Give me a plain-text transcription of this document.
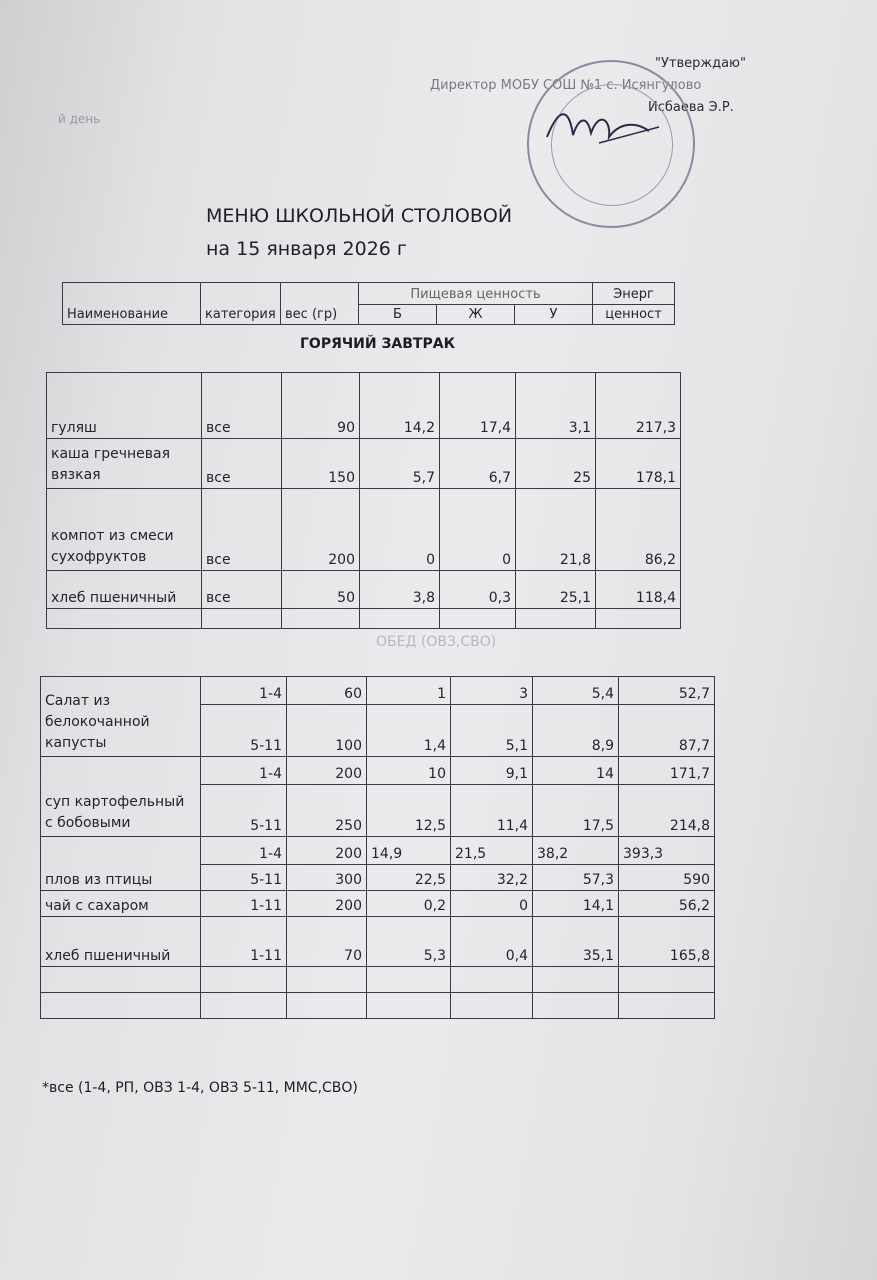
"Утверждаю"
Директор МОБУ СОШ №1 с. Исянгулово
Исбаева Э.Р.
й день
МЕНЮ ШКОЛЬНОЙ СТОЛОВОЙ
на 15 января 2026 г
Наименование	категория	вес (гр)	Пищевая ценность			Энерг
			Б	Ж	У	ценност
ГОРЯЧИЙ ЗАВТРАК
гуляш	все	90	14,2	17,4	3,1	217,3
каша гречневая вязкая	все	150	5,7	6,7	25	178,1
компот из смеси сухофруктов	все	200	0	0	21,8	86,2
хлеб пшеничный	все	50	3,8	0,3	25,1	118,4

ОБЕД (ОВЗ,СВО)
Салат из белокочанной капусты	1-4	60	1	3	5,4	52,7
	5-11	100	1,4	5,1	8,9	87,7
суп картофельный с бобовыми	1-4	200	10	9,1	14	171,7
	5-11	250	12,5	11,4	17,5	214,8
плов из птицы	1-4	200	14,9	21,5	38,2	393,3
	5-11	300	22,5	32,2	57,3	590
чай с сахаром	1-11	200	0,2	0	14,1	56,2
хлеб пшеничный	1-11	70	5,3	0,4	35,1	165,8

*все (1-4, РП, ОВЗ 1-4, ОВЗ 5-11, ММС,СВО)
